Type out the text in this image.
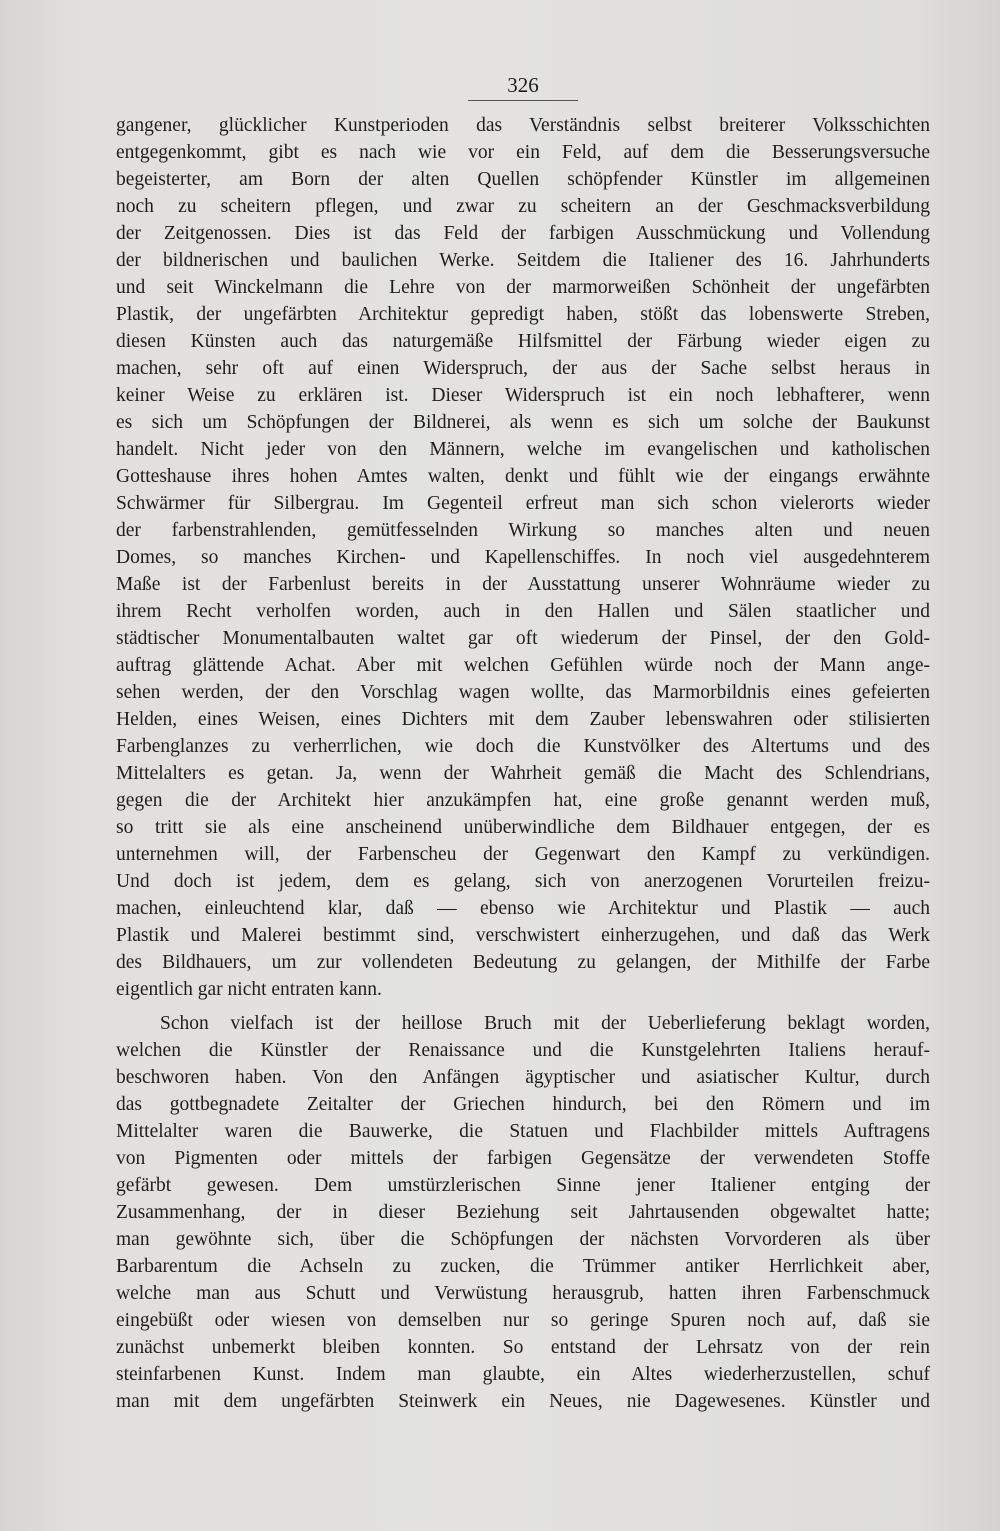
326
gangener, glücklicher Kunstperioden das Verständnis selbst breiterer Volksschichten
entgegenkommt, gibt es nach wie vor ein Feld, auf dem die Besserungsversuche
begeisterter, am Born der alten Quellen schöpfender Künstler im allgemeinen
noch zu scheitern pflegen, und zwar zu scheitern an der Geschmacksverbildung
der Zeitgenossen. Dies ist das Feld der farbigen Ausschmückung und Vollendung
der bildnerischen und baulichen Werke. Seitdem die Italiener des 16. Jahrhunderts
und seit Winckelmann die Lehre von der marmorweißen Schönheit der ungefärbten
Plastik, der ungefärbten Architektur gepredigt haben, stößt das lobenswerte Streben,
diesen Künsten auch das naturgemäße Hilfsmittel der Färbung wieder eigen zu
machen, sehr oft auf einen Widerspruch, der aus der Sache selbst heraus in
keiner Weise zu erklären ist. Dieser Widerspruch ist ein noch lebhafterer, wenn
es sich um Schöpfungen der Bildnerei, als wenn es sich um solche der Baukunst
handelt. Nicht jeder von den Männern, welche im evangelischen und katholischen
Gotteshause ihres hohen Amtes walten, denkt und fühlt wie der eingangs erwähnte
Schwärmer für Silbergrau. Im Gegenteil erfreut man sich schon vielerorts wieder
der farbenstrahlenden, gemütfesselnden Wirkung so manches alten und neuen
Domes, so manches Kirchen- und Kapellenschiffes. In noch viel ausgedehnterem
Maße ist der Farbenlust bereits in der Ausstattung unserer Wohnräume wieder zu
ihrem Recht verholfen worden, auch in den Hallen und Sälen staatlicher und
städtischer Monumentalbauten waltet gar oft wiederum der Pinsel, der den Gold-
auftrag glättende Achat. Aber mit welchen Gefühlen würde noch der Mann ange-
sehen werden, der den Vorschlag wagen wollte, das Marmorbildnis eines gefeierten
Helden, eines Weisen, eines Dichters mit dem Zauber lebenswahren oder stilisierten
Farbenglanzes zu verherrlichen, wie doch die Kunstvölker des Altertums und des
Mittelalters es getan. Ja, wenn der Wahrheit gemäß die Macht des Schlendrians,
gegen die der Architekt hier anzukämpfen hat, eine große genannt werden muß,
so tritt sie als eine anscheinend unüberwindliche dem Bildhauer entgegen, der es
unternehmen will, der Farbenscheu der Gegenwart den Kampf zu verkündigen.
Und doch ist jedem, dem es gelang, sich von anerzogenen Vorurteilen freizu-
machen, einleuchtend klar, daß — ebenso wie Architektur und Plastik — auch
Plastik und Malerei bestimmt sind, verschwistert einherzugehen, und daß das Werk
des Bildhauers, um zur vollendeten Bedeutung zu gelangen, der Mithilfe der Farbe
eigentlich gar nicht entraten kann.
Schon vielfach ist der heillose Bruch mit der Ueberlieferung beklagt worden,
welchen die Künstler der Renaissance und die Kunstgelehrten Italiens herauf-
beschworen haben. Von den Anfängen ägyptischer und asiatischer Kultur, durch
das gottbegnadete Zeitalter der Griechen hindurch, bei den Römern und im
Mittelalter waren die Bauwerke, die Statuen und Flachbilder mittels Auftragens
von Pigmenten oder mittels der farbigen Gegensätze der verwendeten Stoffe
gefärbt gewesen. Dem umstürzlerischen Sinne jener Italiener entging der
Zusammenhang, der in dieser Beziehung seit Jahrtausenden obgewaltet hatte;
man gewöhnte sich, über die Schöpfungen der nächsten Vorvorderen als über
Barbarentum die Achseln zu zucken, die Trümmer antiker Herrlichkeit aber,
welche man aus Schutt und Verwüstung herausgrub, hatten ihren Farbenschmuck
eingebüßt oder wiesen von demselben nur so geringe Spuren noch auf, daß sie
zunächst unbemerkt bleiben konnten. So entstand der Lehrsatz von der rein
steinfarbenen Kunst. Indem man glaubte, ein Altes wiederherzustellen, schuf
man mit dem ungefärbten Steinwerk ein Neues, nie Dagewesenes. Künstler und
